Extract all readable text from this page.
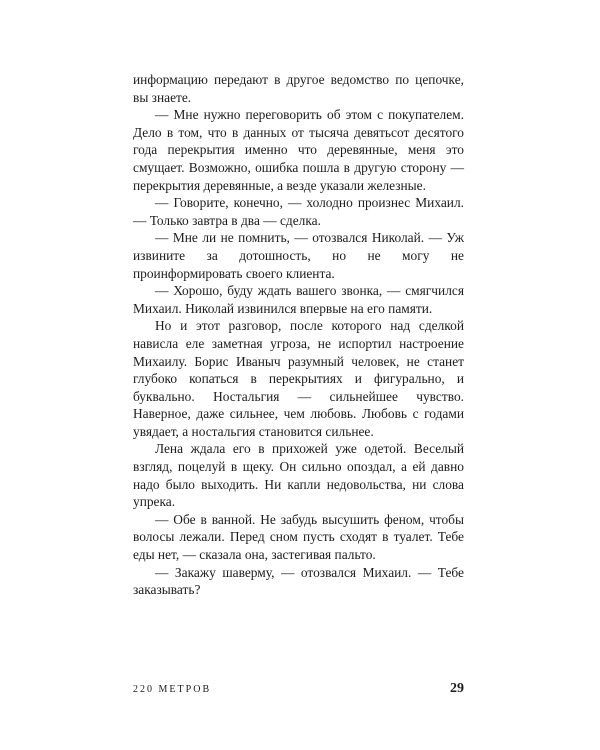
информацию передают в другое ведомство по цепочке, вы знаете.

— Мне нужно переговорить об этом с покупателем. Дело в том, что в данных от тысяча девятьсот десятого года перекрытия именно что деревянные, меня это смущает. Возможно, ошибка пошла в другую сторону — перекрытия деревянные, а везде указали железные.

— Говорите, конечно, — холодно произнес Михаил. — Только завтра в два — сделка.

— Мне ли не помнить, — отозвался Николай. — Уж извините за дотошность, но не могу не проинформировать своего клиента.

— Хорошо, буду ждать вашего звонка, — смягчился Михаил. Николай извинился впервые на его памяти.

Но и этот разговор, после которого над сделкой нависла еле заметная угроза, не испортил настроение Михаилу. Борис Иваныч разумный человек, не станет глубоко копаться в перекрытиях и фигурально, и буквально. Ностальгия — сильнейшее чувство. Наверное, даже сильнее, чем любовь. Любовь с годами увядает, а ностальгия становится сильнее.

Лена ждала его в прихожей уже одетой. Веселый взгляд, поцелуй в щеку. Он сильно опоздал, а ей давно надо было выходить. Ни капли недовольства, ни слова упрека.

— Обе в ванной. Не забудь высушить феном, чтобы волосы лежали. Перед сном пусть сходят в туалет. Тебе еды нет, — сказала она, застегивая пальто.

— Закажу шаверму, — отозвался Михаил. — Тебе заказывать?

220 МЕТРОВ	29
